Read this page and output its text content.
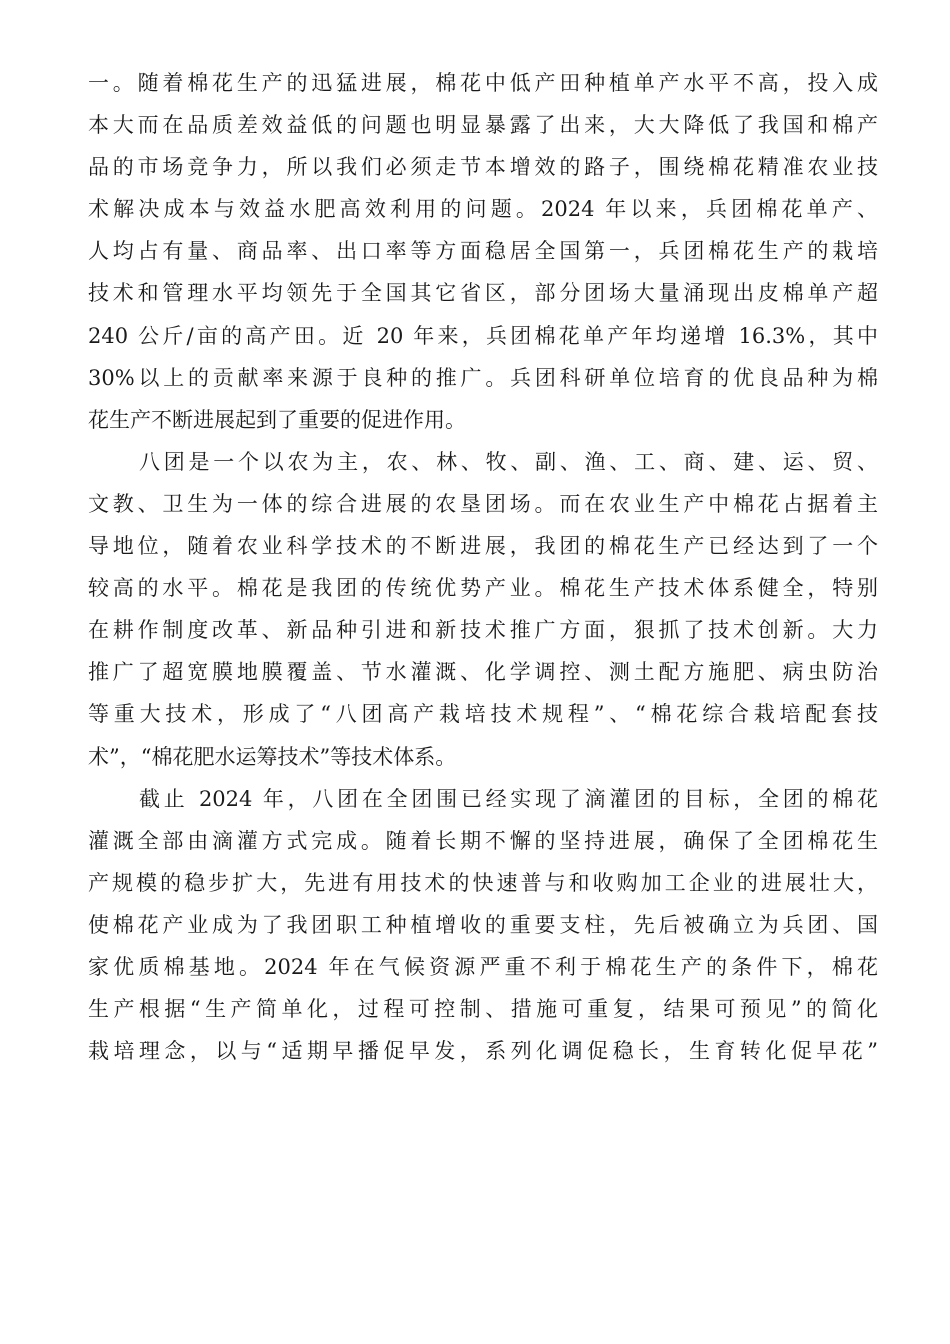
一。随着棉花生产的迅猛进展，棉花中低产田种植单产水平不高，投入成
本大而在品质差效益低的问题也明显暴露了出来，大大降低了我国和棉产
品的市场竞争力，所以我们必须走节本增效的路子，围绕棉花精准农业技
术解决成本与效益水肥高效利用的问题。2024 年以来，兵团棉花单产、
人均占有量、商品率、出口率等方面稳居全国第一，兵团棉花生产的栽培
技术和管理水平均领先于全国其它省区，部分团场大量涌现出皮棉单产超
240 公斤/亩的高产田。近 20 年来，兵团棉花单产年均递增 16.3%，其中
30%以上的贡献率来源于良种的推广。兵团科研单位培育的优良品种为棉
花生产不断进展起到了重要的促进作用。
八团是一个以农为主，农、林、牧、副、渔、工、商、建、运、贸、
文教、卫生为一体的综合进展的农垦团场。而在农业生产中棉花占据着主
导地位，随着农业科学技术的不断进展，我团的棉花生产已经达到了一个
较高的水平。棉花是我团的传统优势产业。棉花生产技术体系健全，特别
在耕作制度改革、新品种引进和新技术推广方面，狠抓了技术创新。大力
推广了超宽膜地膜覆盖、节水灌溉、化学调控、测土配方施肥、病虫防治
等重大技术，形成了“八团高产栽培技术规程”、“棉花综合栽培配套技
术”，“棉花肥水运筹技术”等技术体系。
截止 2024 年，八团在全团围已经实现了滴灌团的目标，全团的棉花
灌溉全部由滴灌方式完成。随着长期不懈的坚持进展，确保了全团棉花生
产规模的稳步扩大，先进有用技术的快速普与和收购加工企业的进展壮大，
使棉花产业成为了我团职工种植增收的重要支柱，先后被确立为兵团、国
家优质棉基地。2024 年在气候资源严重不利于棉花生产的条件下，棉花
生产根据“生产简单化，过程可控制、措施可重复，结果可预见”的简化
栽培理念，以与“适期早播促早发，系列化调促稳长，生育转化促早花”
